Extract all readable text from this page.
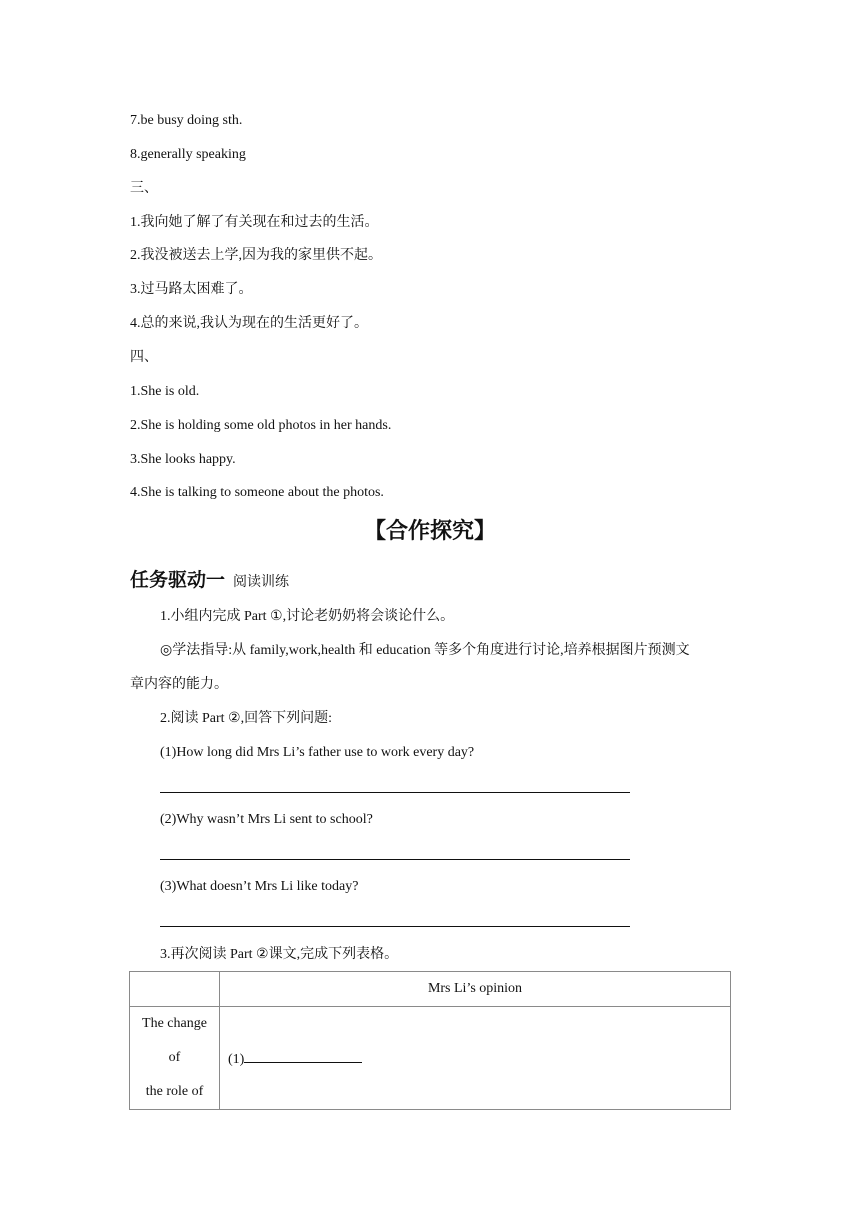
7.be busy doing sth.
8.generally speaking
三、
1.我向她了解了有关现在和过去的生活。
2.我没被送去上学,因为我的家里供不起。
3.过马路太困难了。
4.总的来说,我认为现在的生活更好了。
四、
1.She is old.
2.She is holding some old photos in her hands.
3.She looks happy.
4.She is talking to someone about the photos.
【合作探究】
任务驱动一 阅读训练
1.小组内完成 Part ①,讨论老奶奶将会谈论什么。
◎学法指导:从 family,work,health 和 education 等多个角度进行讨论,培养根据图片预测文
章内容的能力。
2.阅读 Part ②,回答下列问题:
(1)How long did Mrs Li’s father use to work every day?
(2)Why wasn’t Mrs Li sent to school?
(3)What doesn’t Mrs Li like today?
3.再次阅读 Part ②课文,完成下列表格。
	Mrs Li’s opinion

The change
of
the role of	(1)
